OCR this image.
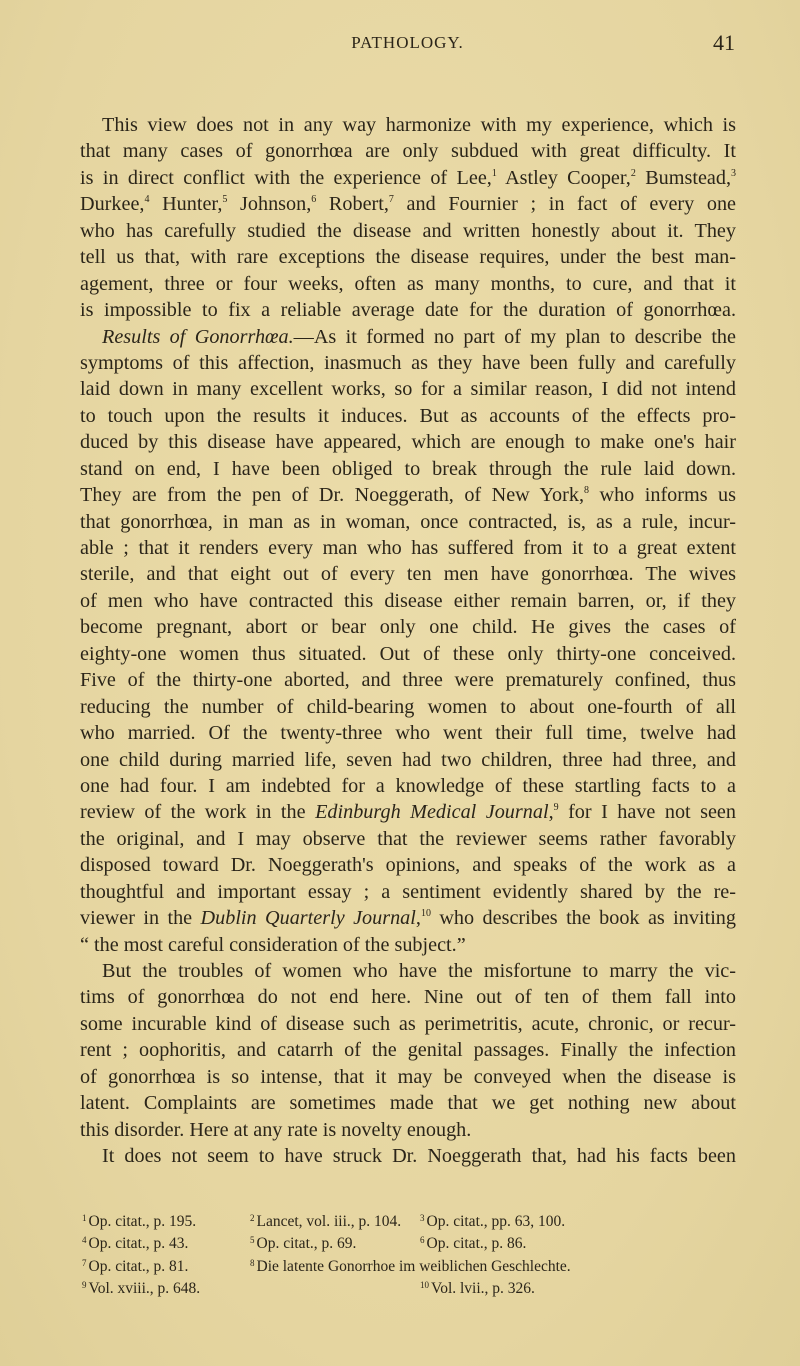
PATHOLOGY.	41
This view does not in any way harmonize with my experience, which is
that many cases of gonorrhœa are only subdued with great difficulty. It
is in direct conflict with the experience of Lee,$^1$ Astley Cooper,$^2$ Bumstead,$^3$
Durkee,$^4$ Hunter,$^5$ Johnson,$^6$ Robert,$^7$ and Fournier ; in fact of every one
who has carefully studied the disease and written honestly about it. They
tell us that, with rare exceptions the disease requires, under the best man-
agement, three or four weeks, often as many months, to cure, and that it
is impossible to fix a reliable average date for the duration of gonorrhœa.
Results of Gonorrhœa.—As it formed no part of my plan to describe the
symptoms of this affection, inasmuch as they have been fully and carefully
laid down in many excellent works, so for a similar reason, I did not intend
to touch upon the results it induces. But as accounts of the effects pro-
duced by this disease have appeared, which are enough to make one's hair
stand on end, I have been obliged to break through the rule laid down.
They are from the pen of Dr. Noeggerath, of New York,$^8$ who informs us
that gonorrhœa, in man as in woman, once contracted, is, as a rule, incur-
able ; that it renders every man who has suffered from it to a great extent
sterile, and that eight out of every ten men have gonorrhœa. The wives
of men who have contracted this disease either remain barren, or, if they
become pregnant, abort or bear only one child. He gives the cases of
eighty-one women thus situated. Out of these only thirty-one conceived.
Five of the thirty-one aborted, and three were prematurely confined, thus
reducing the number of child-bearing women to about one-fourth of all
who married. Of the twenty-three who went their full time, twelve had
one child during married life, seven had two children, three had three, and
one had four. I am indebted for a knowledge of these startling facts to a
review of the work in the Edinburgh Medical Journal,$^9$ for I have not seen
the original, and I may observe that the reviewer seems rather favorably
disposed toward Dr. Noeggerath's opinions, and speaks of the work as a
thoughtful and important essay ; a sentiment evidently shared by the re-
viewer in the Dublin Quarterly Journal,$^{10}$ who describes the book as inviting
“ the most careful consideration of the subject.”
But the troubles of women who have the misfortune to marry the vic-
tims of gonorrhœa do not end here. Nine out of ten of them fall into
some incurable kind of disease such as perimetritis, acute, chronic, or recur-
rent ; oophoritis, and catarrh of the genital passages. Finally the infection
of gonorrhœa is so intense, that it may be conveyed when the disease is
latent. Complaints are sometimes made that we get nothing new about
this disorder. Here at any rate is novelty enough.
It does not seem to have struck Dr. Noeggerath that, had his facts been
$^1$ Op. citat., p. 195.	$^2$ Lancet, vol. iii., p. 104. $^3$ Op. citat., pp. 63, 100.
$^4$ Op. citat., p. 43.	$^5$ Op. citat., p. 69.	$^6$ Op. citat., p. 86.
$^7$ Op. citat., p. 81.	$^8$ Die latente Gonorrhoe im weiblichen Geschlechte.
$^9$ Vol. xviii., p. 648.	$^{10}$ Vol. lvii., p. 326.
